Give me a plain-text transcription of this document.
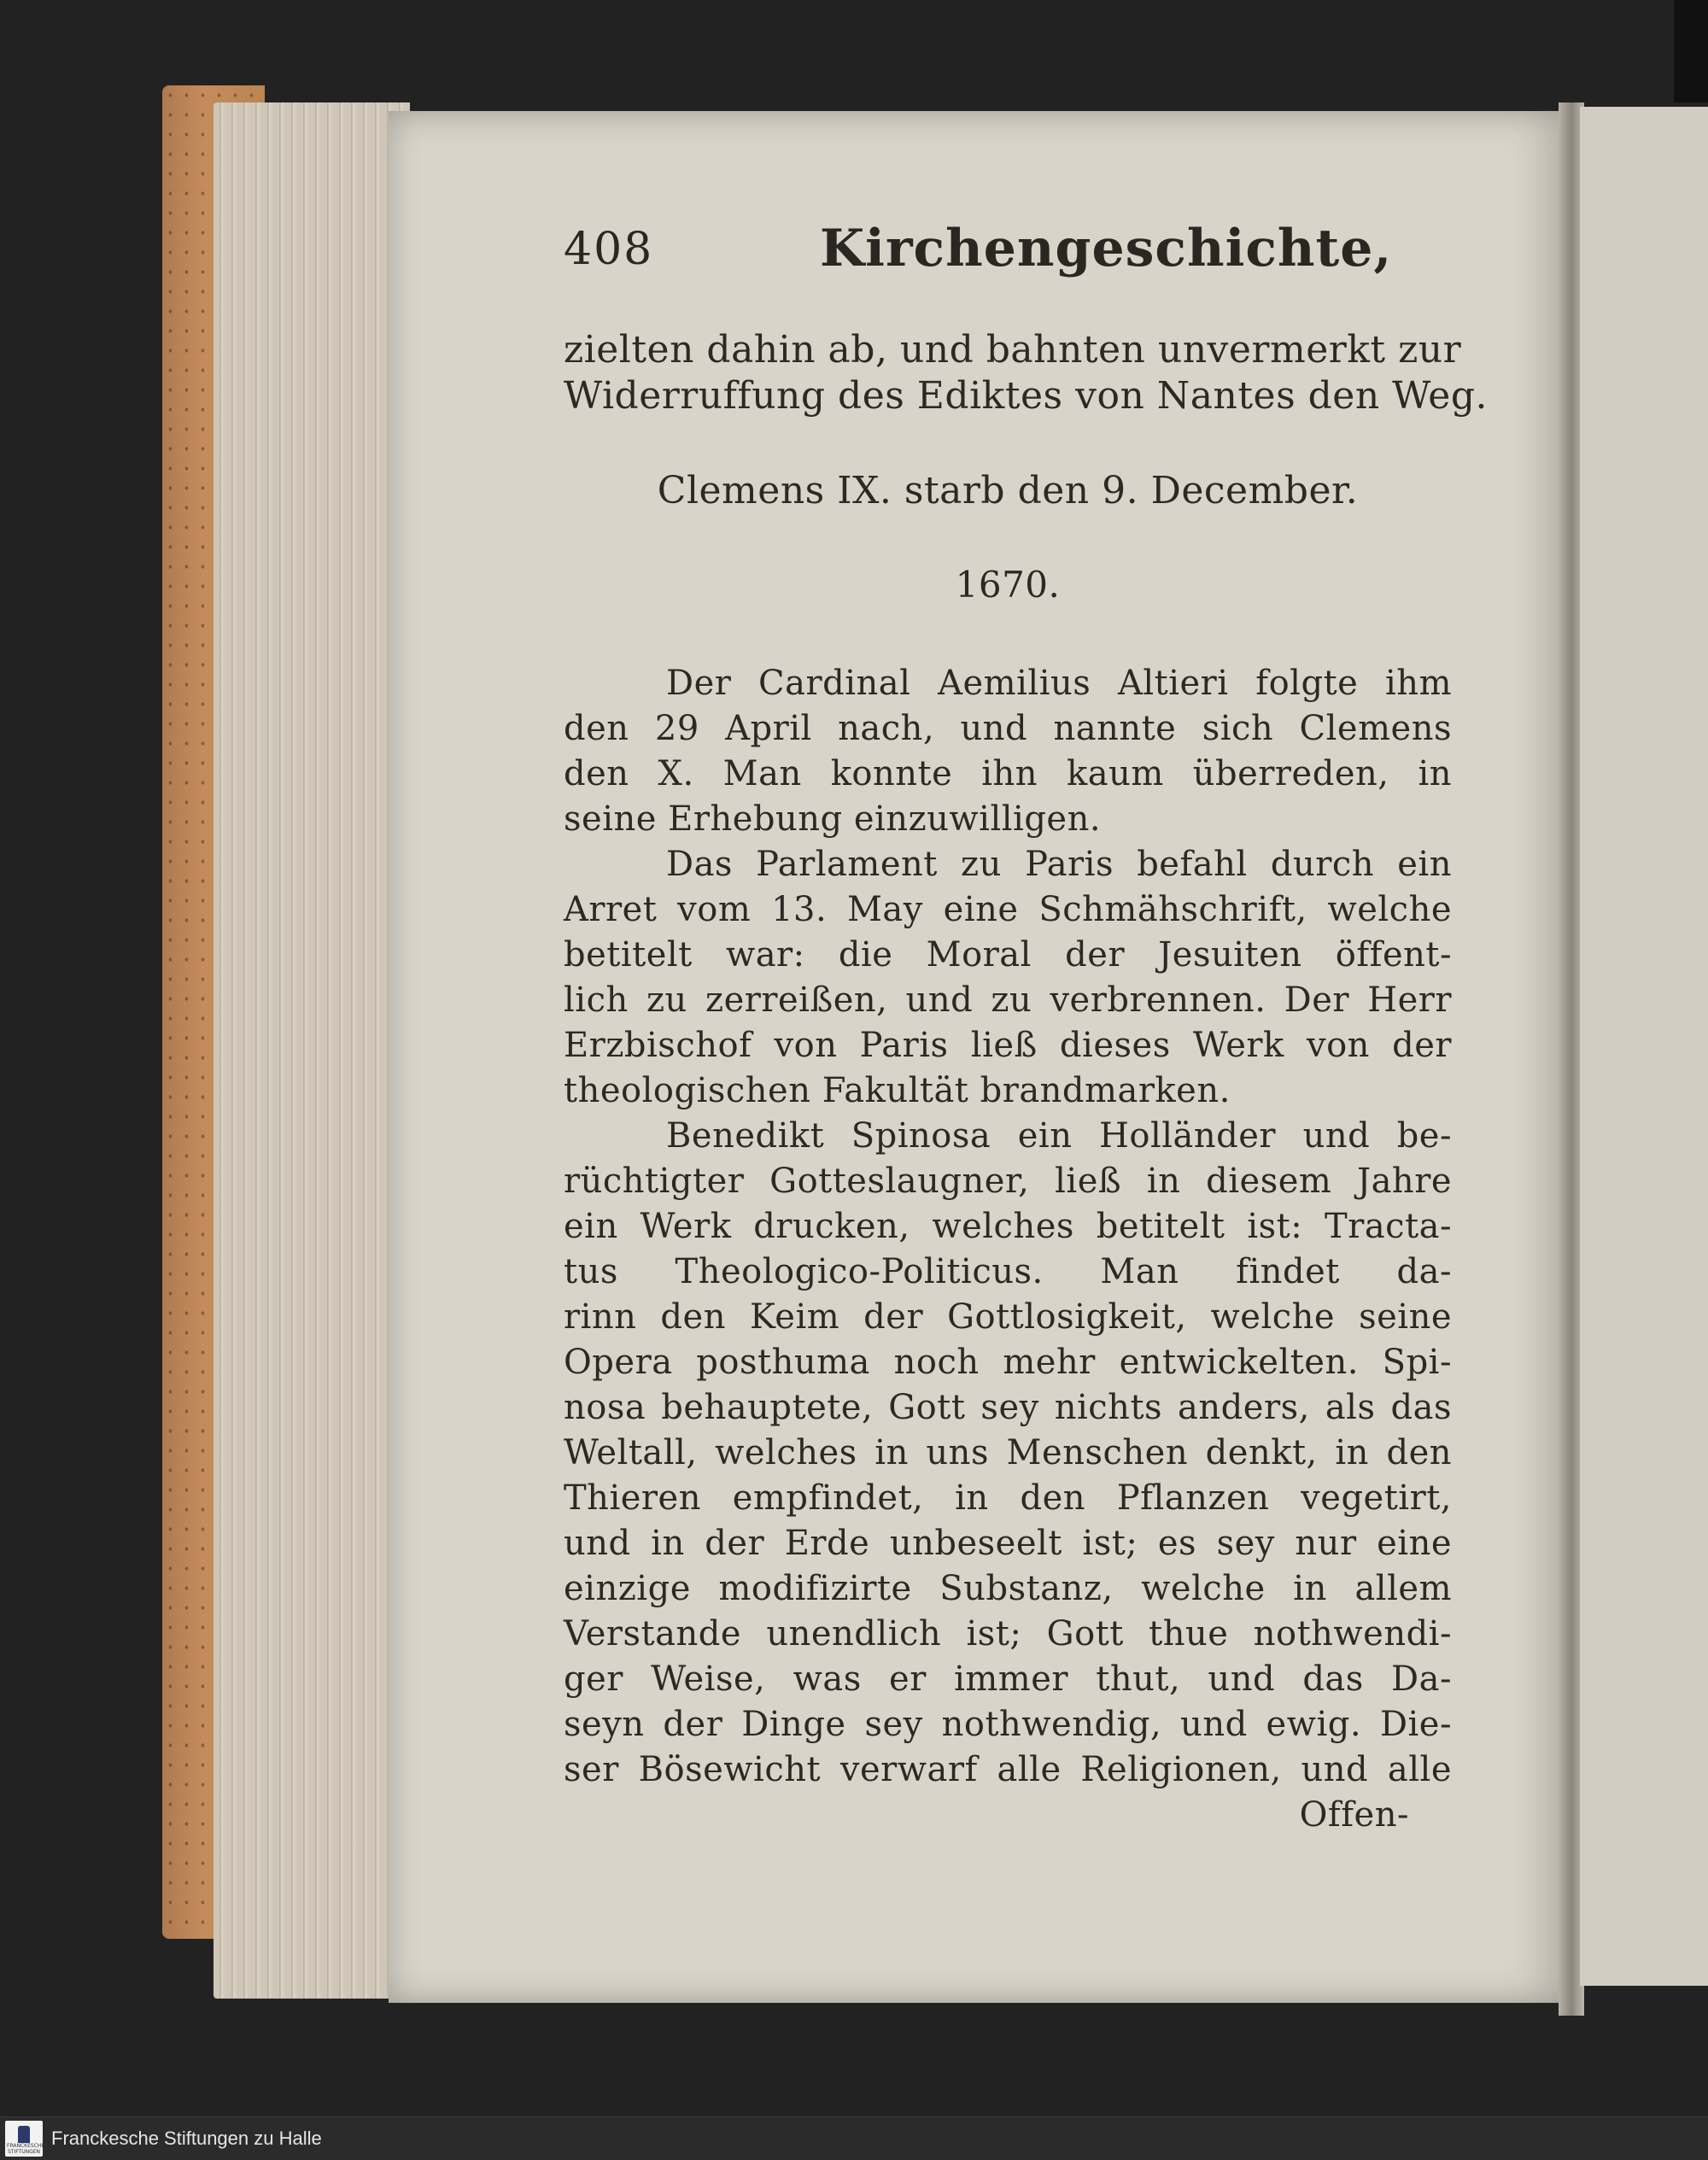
408	Kirchengeschichte,
zielten dahin ab, und bahnten unvermerkt zur
Widerruffung des Ediktes von Nantes den Weg.
Clemens IX. starb den 9. December.
1670.
Der Cardinal Aemilius Altieri folgte ihm
den 29 April nach, und nannte sich Clemens
den X. Man konnte ihn kaum überreden, in
seine Erhebung einzuwilligen.
Das Parlament zu Paris befahl durch ein
Arret vom 13. May eine Schmähschrift, welche
betitelt war: die Moral der Jesuiten öffent-
lich zu zerreißen, und zu verbrennen. Der Herr
Erzbischof von Paris ließ dieses Werk von der
theologischen Fakultät brandmarken.
Benedikt Spinosa ein Holländer und be-
rüchtigter Gotteslaugner, ließ in diesem Jahre
ein Werk drucken, welches betitelt ist: Tracta-
tus Theologico-Politicus. Man findet da-
rinn den Keim der Gottlosigkeit, welche seine
Opera posthuma noch mehr entwickelten. Spi-
nosa behauptete, Gott sey nichts anders, als das
Weltall, welches in uns Menschen denkt, in den
Thieren empfindet, in den Pflanzen vegetirt,
und in der Erde unbeseelt ist; es sey nur eine
einzige modifizirte Substanz, welche in allem
Verstande unendlich ist; Gott thue nothwendi-
ger Weise, was er immer thut, und das Da-
seyn der Dinge sey nothwendig, und ewig. Die-
ser Bösewicht verwarf alle Religionen, und alle
Offen-
FRANCKESCHE STIFTUNGEN
Franckesche Stiftungen zu Halle
